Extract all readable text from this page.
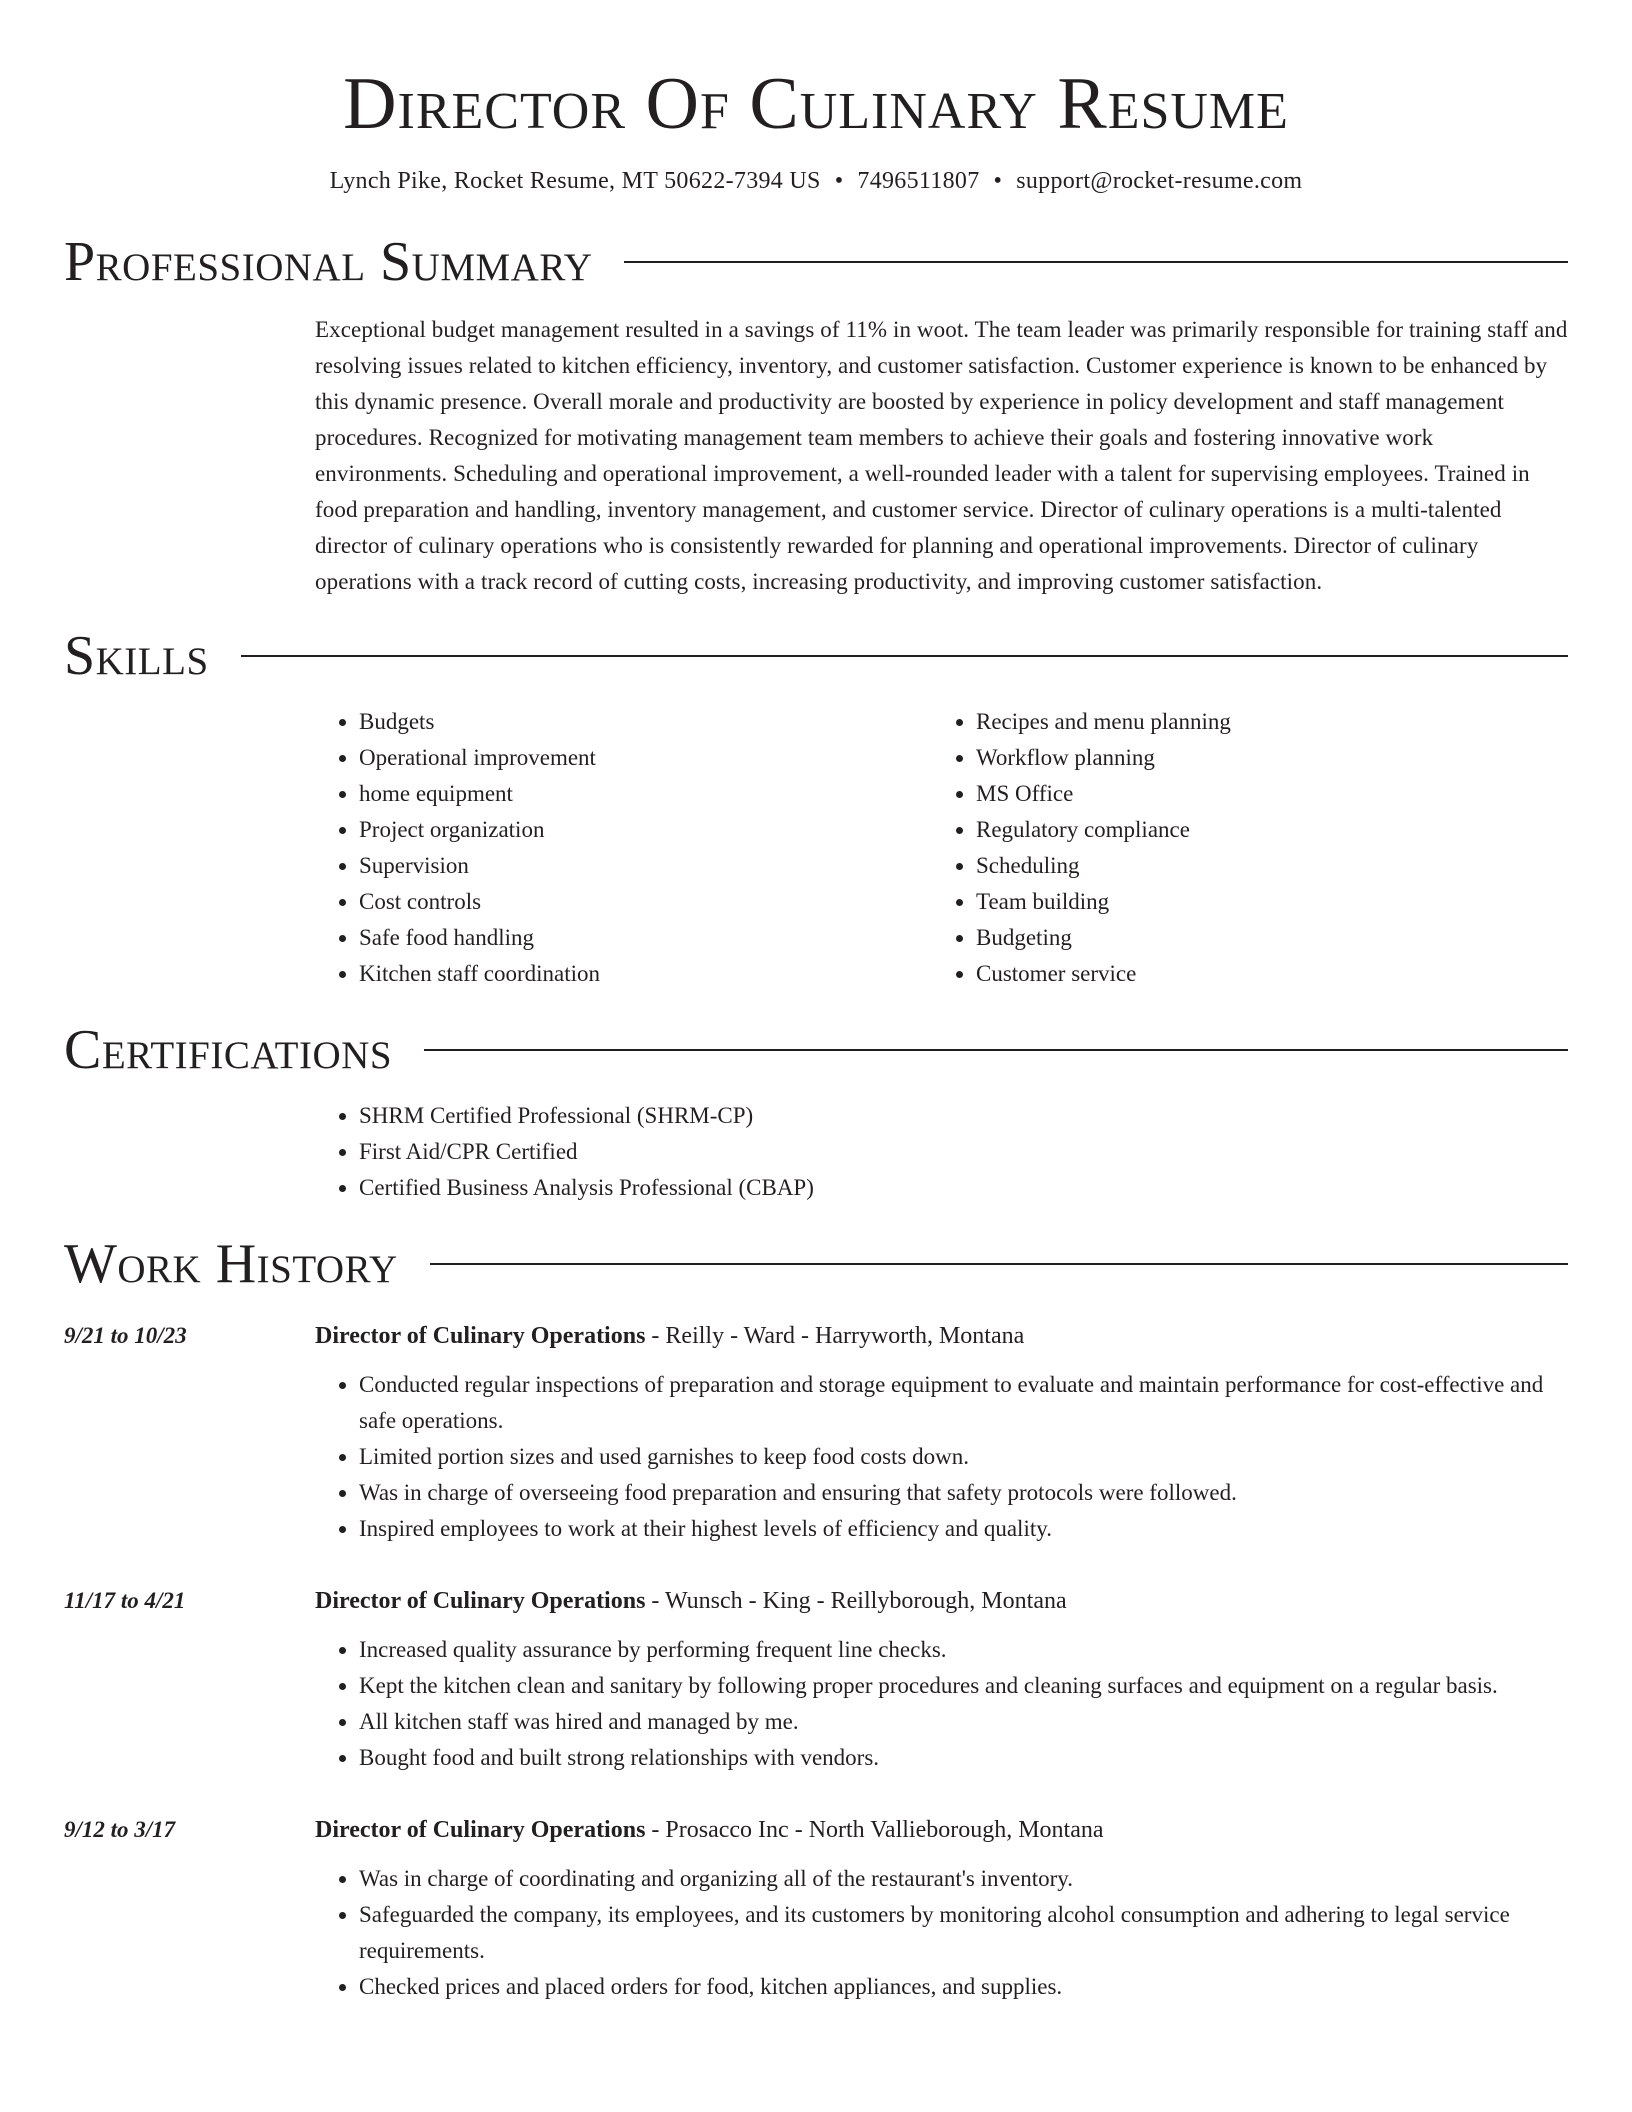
Director Of Culinary Resume
Lynch Pike, Rocket Resume, MT 50622-7394 US • 7496511807 • support@rocket-resume.com
Professional Summary

Exceptional budget management resulted in a savings of 11% in woot. The team leader was primarily responsible for training staff and resolving issues related to kitchen efficiency, inventory, and customer satisfaction. Customer experience is known to be enhanced by this dynamic presence. Overall morale and productivity are boosted by experience in policy development and staff management procedures. Recognized for motivating management team members to achieve their goals and fostering innovative work environments. Scheduling and operational improvement, a well-rounded leader with a talent for supervising employees. Trained in food preparation and handling, inventory management, and customer service. Director of culinary operations is a multi-talented director of culinary operations who is consistently rewarded for planning and operational improvements. Director of culinary operations with a track record of cutting costs, increasing productivity, and improving customer satisfaction.

Skills
• Budgets
• Operational improvement
• home equipment
• Project organization
• Supervision
• Cost controls
• Safe food handling
• Kitchen staff coordination
• Recipes and menu planning
• Workflow planning
• MS Office
• Regulatory compliance
• Scheduling
• Team building
• Budgeting
• Customer service
Certifications
• SHRM Certified Professional (SHRM-CP)
• First Aid/CPR Certified
• Certified Business Analysis Professional (CBAP)
Work History
9/21 to 10/23	Director of Culinary Operations - Reilly - Ward - Harryworth, Montana
• Conducted regular inspections of preparation and storage equipment to evaluate and maintain performance for cost-effective and safe operations.
• Limited portion sizes and used garnishes to keep food costs down.
• Was in charge of overseeing food preparation and ensuring that safety protocols were followed.
• Inspired employees to work at their highest levels of efficiency and quality.
11/17 to 4/21	Director of Culinary Operations - Wunsch - King - Reillyborough, Montana
• Increased quality assurance by performing frequent line checks.
• Kept the kitchen clean and sanitary by following proper procedures and cleaning surfaces and equipment on a regular basis.
• All kitchen staff was hired and managed by me.
• Bought food and built strong relationships with vendors.
9/12 to 3/17	Director of Culinary Operations - Prosacco Inc - North Vallieborough, Montana
• Was in charge of coordinating and organizing all of the restaurant's inventory.
• Safeguarded the company, its employees, and its customers by monitoring alcohol consumption and adhering to legal service requirements.
• Checked prices and placed orders for food, kitchen appliances, and supplies.
